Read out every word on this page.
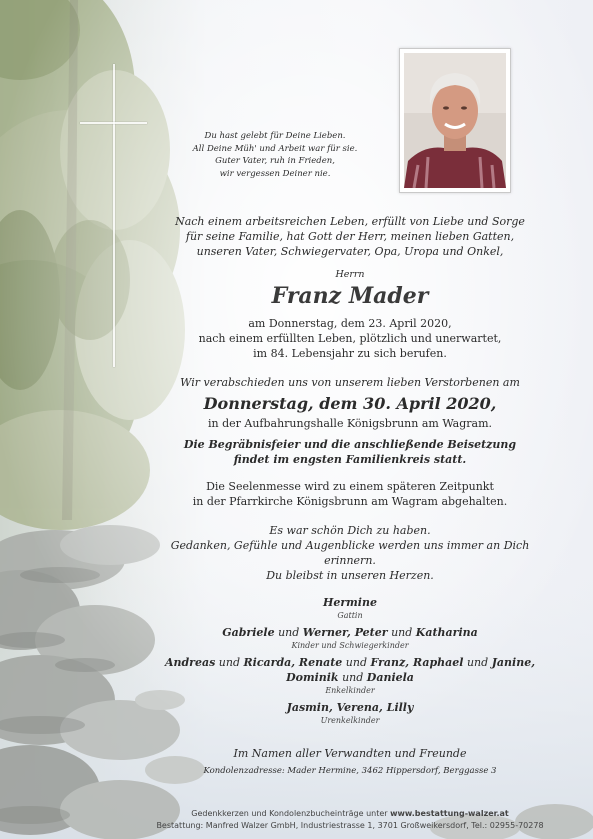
Du hast gelebt für Deine Lieben.
All Deine Müh' und Arbeit war für sie.
Guter Vater, ruh in Frieden,
wir vergessen Deiner nie.
Nach einem arbeitsreichen Leben, erfüllt von Liebe und Sorge
für seine Familie, hat Gott der Herr, meinen lieben Gatten,
unseren Vater, Schwiegervater, Opa, Uropa und Onkel,
Herrn
Franz Mader
am Donnerstag, dem 23. April 2020,
nach einem erfüllten Leben, plötzlich und unerwartet,
im 84. Lebensjahr zu sich berufen.
Wir verabschieden uns von unserem lieben Verstorbenen am
Donnerstag, dem 30. April 2020,
in der Aufbahrungshalle Königsbrunn am Wagram.
Die Begräbnisfeier und die anschließende Beisetzung
findet im engsten Familienkreis statt.
Die Seelenmesse wird zu einem späteren Zeitpunkt
in der Pfarrkirche Königsbrunn am Wagram abgehalten.
Es war schön Dich zu haben.
Gedanken, Gefühle und Augenblicke werden uns immer an Dich erinnern.
Du bleibst in unseren Herzen.
Hermine
Gattin
Gabriele und Werner, Peter und Katharina
Kinder und Schwiegerkinder
Andreas und Ricarda, Renate und Franz, Raphael und Janine,
Dominik und Daniela
Enkelkinder
Jasmin, Verena, Lilly
Urenkelkinder
Im Namen aller Verwandten und Freunde
Kondolenzadresse: Mader Hermine, 3462 Hippersdorf, Berggasse 3
Gedenkkerzen und Kondolenzbucheinträge unter www.bestattung-walzer.at
Bestattung: Manfred Walzer GmbH, Industriestrasse 1, 3701 Großweikersdorf, Tel.: 02955-70278
